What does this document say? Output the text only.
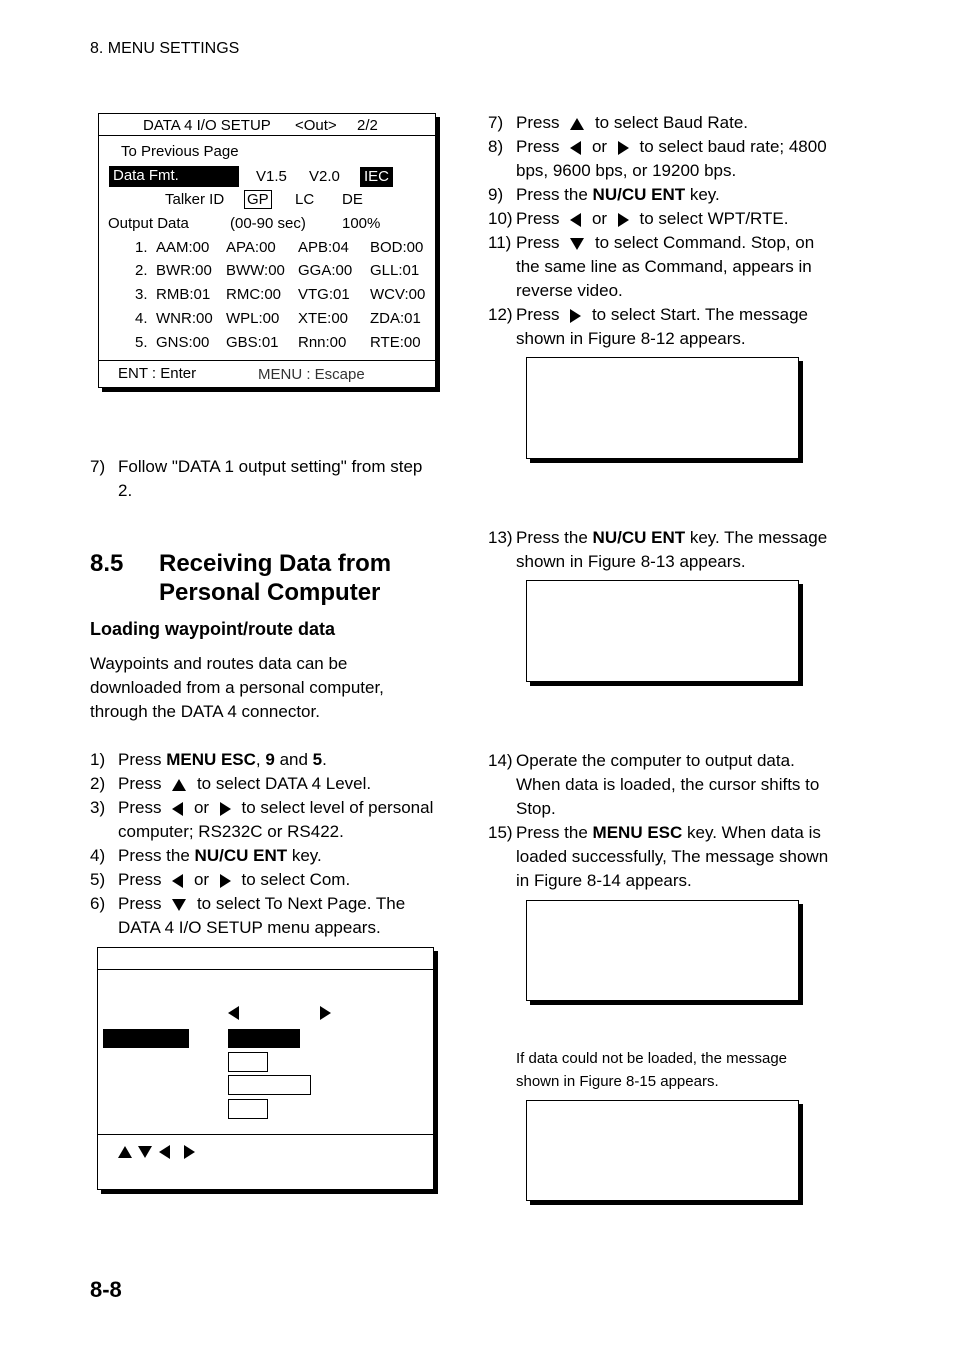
8. MENU SETTINGS
DATA 4 I/O SETUP <Out> 2/2
To Previous Page
Data Fmt.	V1.5 V2.0 IEC
Talker ID GP LC DE
Output Data	(00-90 sec) 100%
1. AAM:00 APA:00 APB:04 BOD:00
2. BWR:00 BWW:00 GGA:00 GLL:01
3. RMB:01 RMC:00 VTG:01 WCV:00
4. WNR:00 WPL:00 XTE:00 ZDA:01
5. GNS:00 GBS:01 Rnn:00 RTE:00
ENT : Enter	MENU : Escape
7) Follow "DATA 1 output setting" from step
2.
8.5 Receiving Data from
Personal Computer
Loading waypoint/route data
Waypoints and routes data can be
downloaded from a personal computer,
through the DATA 4 connector.
1) Press MENU ESC, 9 and 5.
2) Press to select DATA 4 Level.
3) Press or to select level of personal
computer; RS232C or RS422.
4) Press the NU/CU ENT key.
5) Press or to select Com.
6) Press to select To Next Page. The
DATA 4 I/O SETUP menu appears.
7) Press to select Baud Rate.
8) Press or to select baud rate; 4800
bps, 9600 bps, or 19200 bps.
9) Press the NU/CU ENT key.
10) Press or to select WPT/RTE.
11) Press to select Command. Stop, on
the same line as Command, appears in
reverse video.
12) Press to select Start. The message
shown in Figure 8-12 appears.
13) Press the NU/CU ENT key. The message
shown in Figure 8-13 appears.
14) Operate the computer to output data.
When data is loaded, the cursor shifts to
Stop.
15) Press the MENU ESC key. When data is
loaded successfully, The message shown
in Figure 8-14 appears.
If data could not be loaded, the message
shown in Figure 8-15 appears.
8-8
